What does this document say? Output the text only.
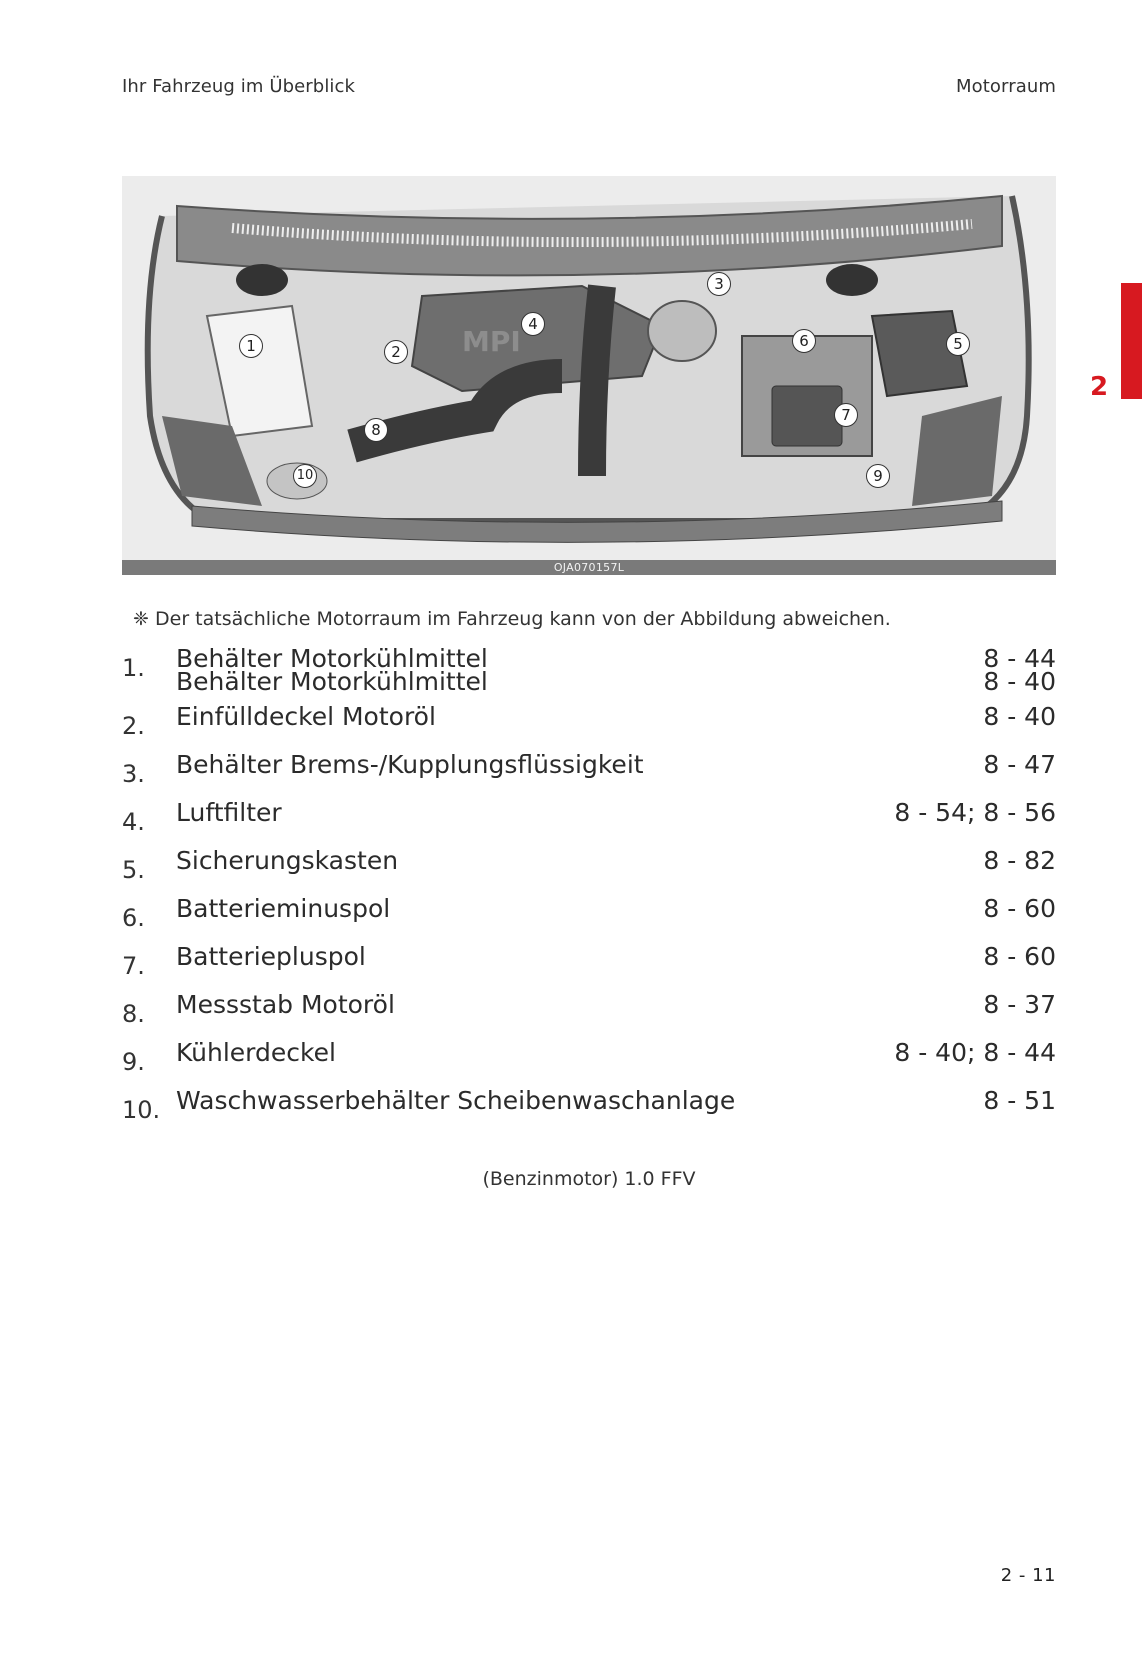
Ihr Fahrzeug im Überblick	Motorraum
2
MPI
1	2
3
4
5
6
7
8
9
10
OJA070157L
❈ Der tatsächliche Motorraum im Fahrzeug kann von der Abbildung abweichen.
1. Behälter Motorkühlmittel	8 - 44
Behälter Motorkühlmittel	8 - 40
2. Einfülldeckel Motoröl	8 - 40
3. Behälter Brems-/Kupplungsflüssigkeit	8 - 47
4. Luftfilter	8 - 54; 8 - 56
5. Sicherungskasten	8 - 82
6. Batterieminuspol	8 - 60
7. Batteriepluspol	8 - 60
8. Messstab Motoröl	8 - 37
9. Kühlerdeckel	8 - 40; 8 - 44
10. Waschwasserbehälter Scheibenwaschanlage	8 - 51
(Benzinmotor) 1.0 FFV
2 - 11
